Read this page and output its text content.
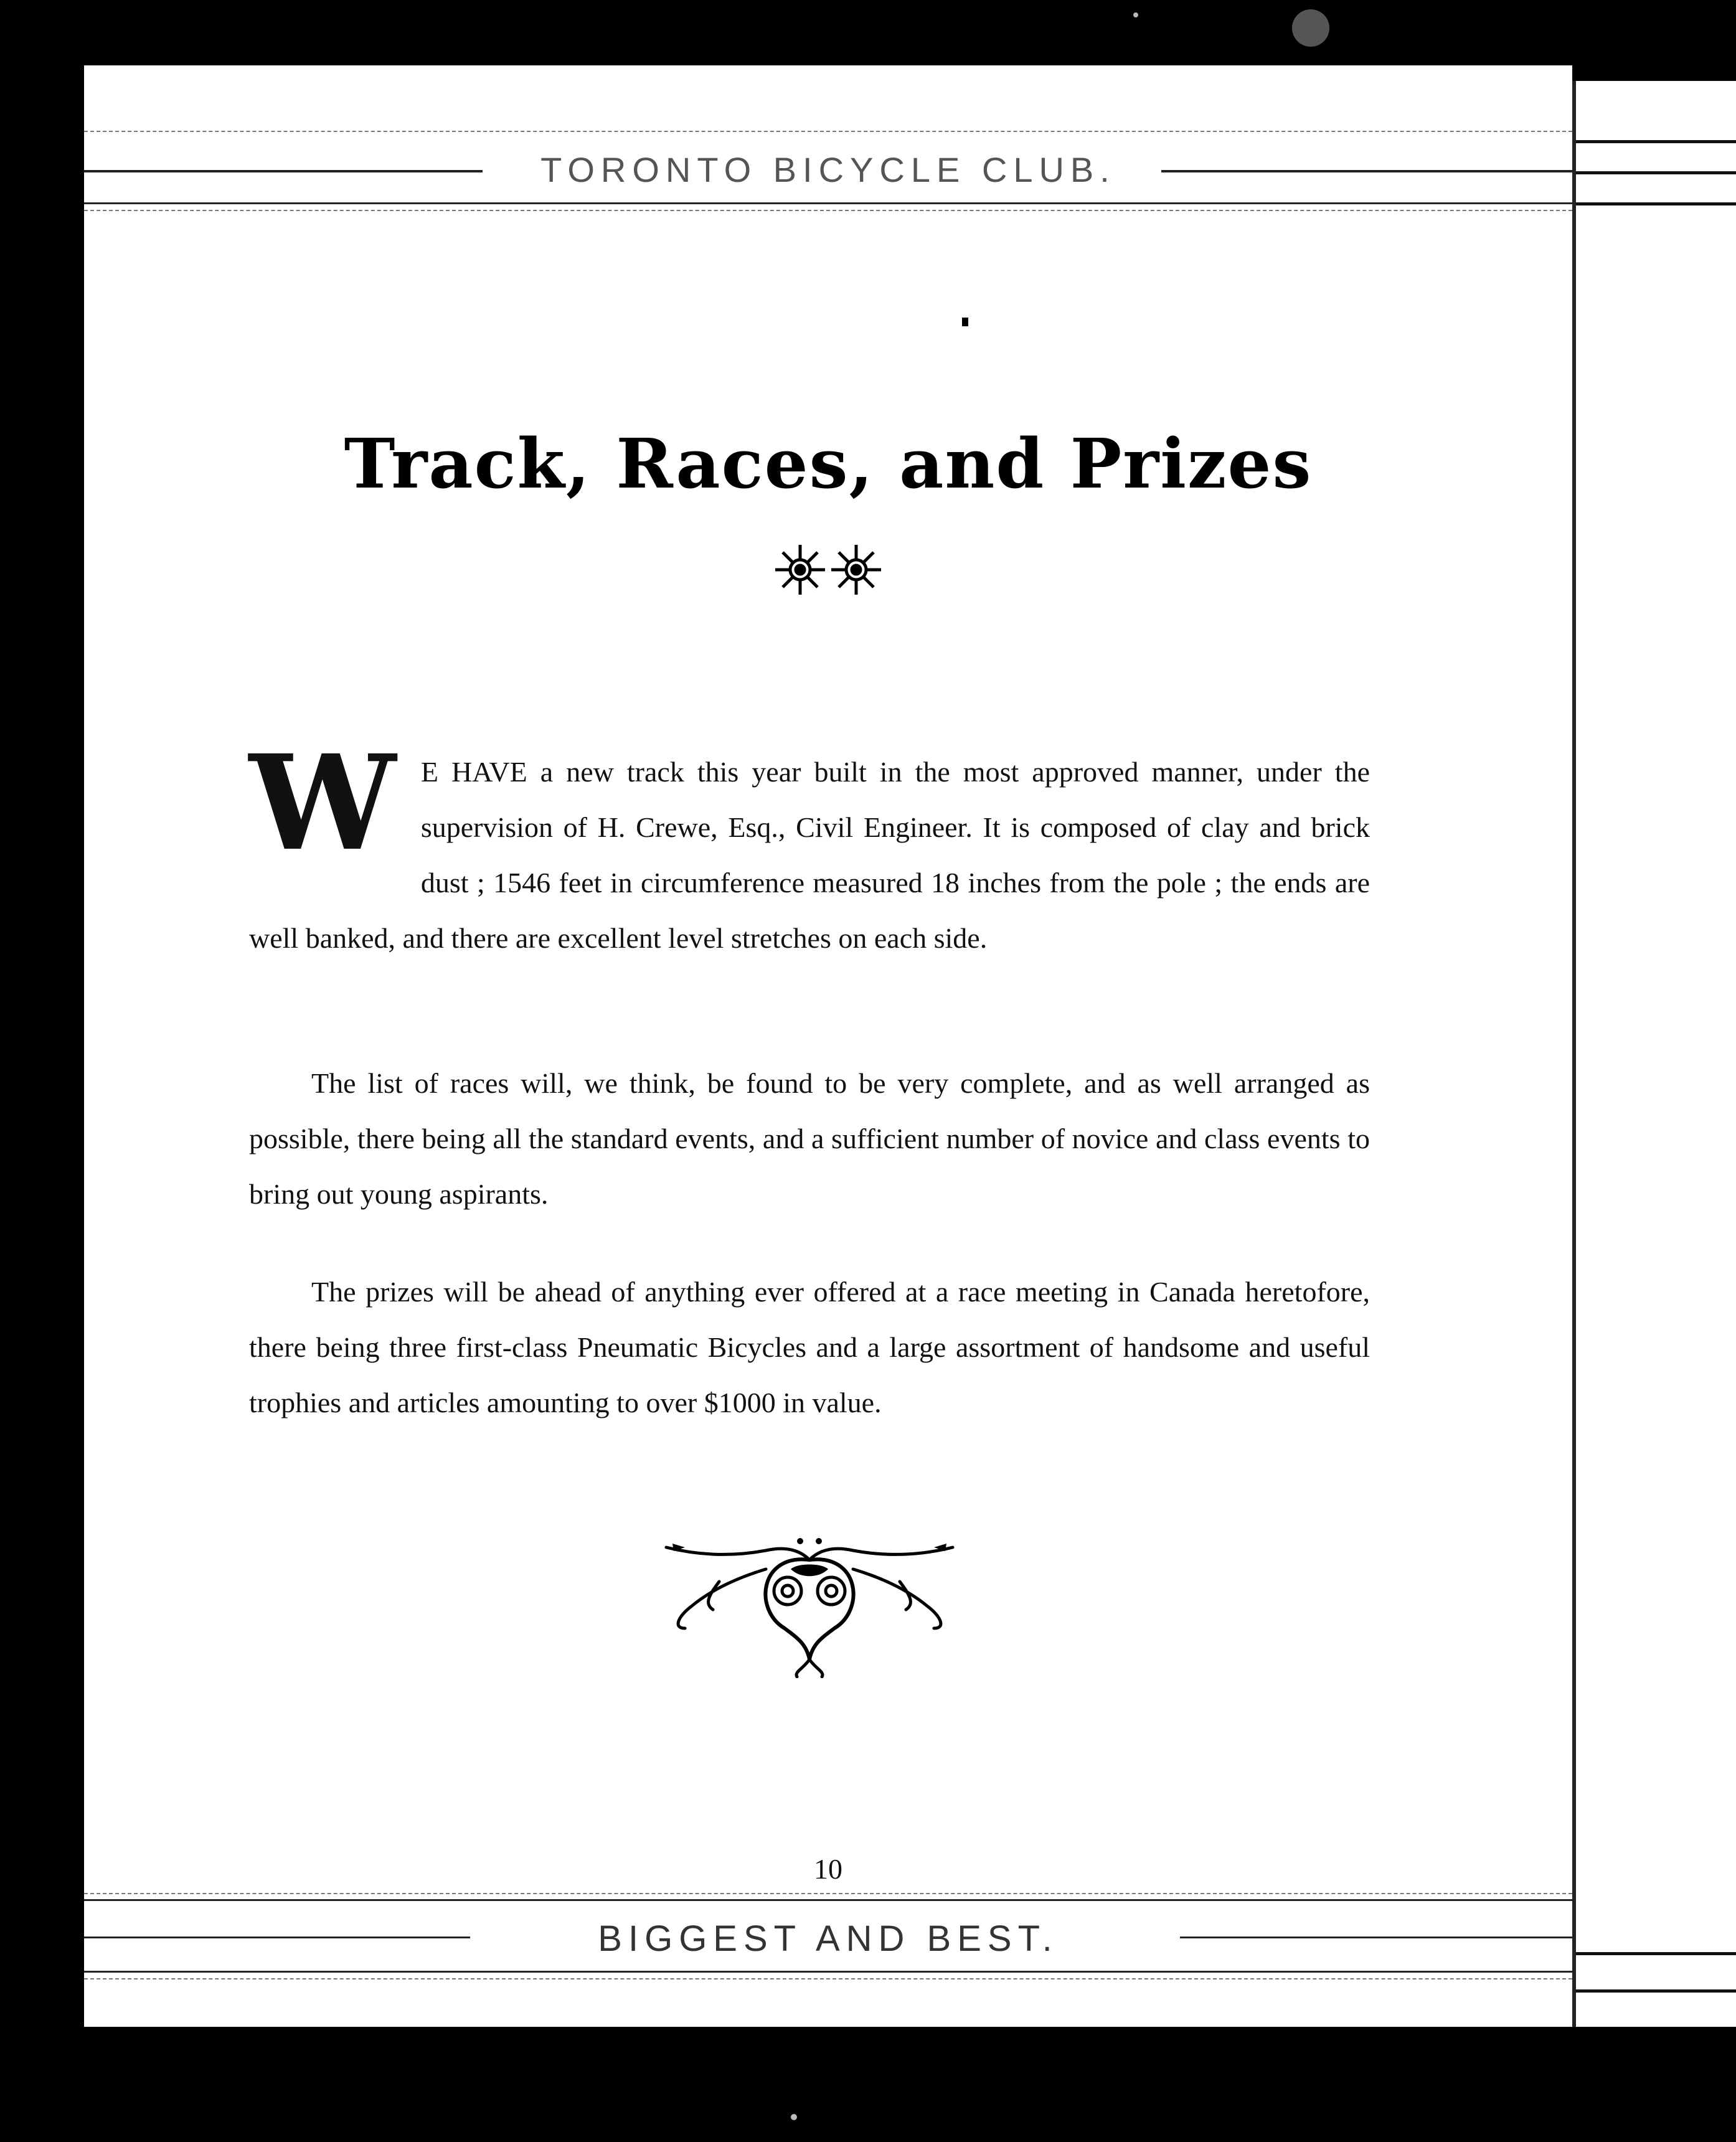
TORONTO BICYCLE CLUB.
Track, Races, and Prizes

W E HAVE a new track this year built in the most approved manner, under the supervision of H. Crewe, Esq., Civil Engineer. It is composed of clay and brick dust ; 1546 feet in circumference measured 18 inches from the pole ; the ends are well banked, and there are excellent level stretches on each side.

The list of races will, we think, be found to be very complete, and as well arranged as possible, there being all the standard events, and a sufficient number of novice and class events to bring out young aspirants.

The prizes will be ahead of anything ever offered at a race meeting in Canada heretofore, there being three first-class Pneumatic Bicycles and a large assortment of handsome and useful trophies and articles amounting to over $1000 in value.

10
BIGGEST AND BEST.
